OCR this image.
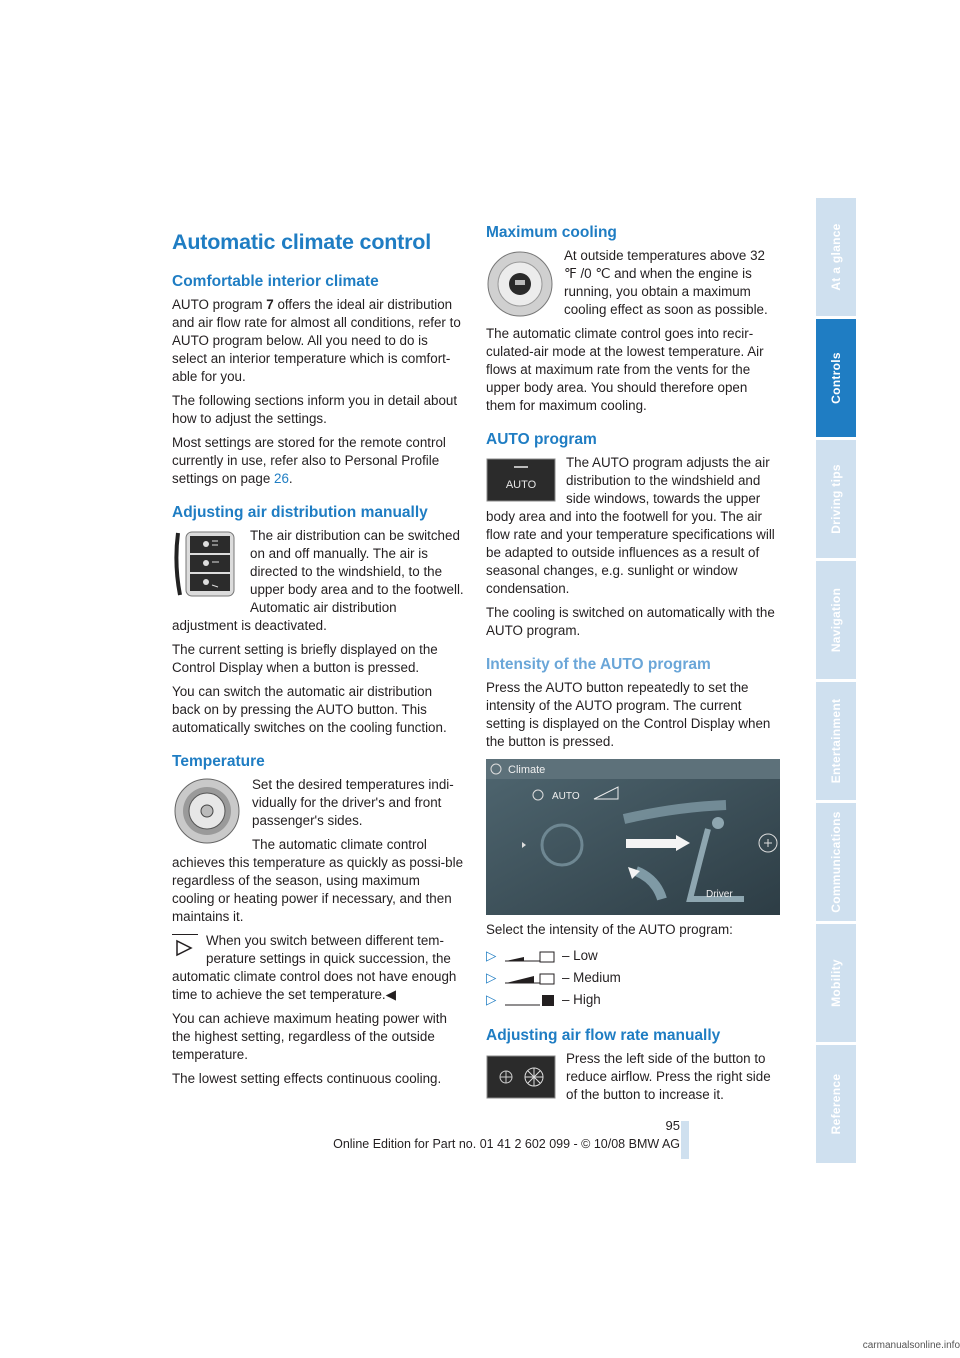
At a glance
Controls
Driving tips
Navigation
Entertainment
Communications
Mobility
Reference
Automatic climate control
Comfortable interior climate

AUTO program 7 offers the ideal air distribution and air flow rate for almost all conditions, refer to AUTO program below. All you need to do is select an interior temperature which is comfort-able for you.

The following sections inform you in detail about how to adjust the settings.

Most settings are stored for the remote control currently in use, refer also to Personal Profile settings on page 26.

Adjusting air distribution manually

The air distribution can be switched on and off manually. The air is directed to the windshield, to the upper body area and to the footwell. Automatic air distribution adjustment is deactivated.

The current setting is briefly displayed on the Control Display when a button is pressed.

You can switch the automatic air distribution back on by pressing the AUTO button. This automatically switches on the cooling function.

Temperature

Set the desired temperatures indi-vidually for the driver's and front passenger's sides.

The automatic climate control achieves this temperature as quickly as possi-ble regardless of the season, using maximum cooling or heating power if necessary, and then maintains it.

When you switch between different tem-perature settings in quick succession, the automatic climate control does not have enough time to achieve the set temperature.◀

You can achieve maximum heating power with the highest setting, regardless of the outside temperature.

The lowest setting effects continuous cooling.

Maximum cooling

At outside temperatures above 32 ℉ /0 ℃ and when the engine is running, you obtain a maximum cooling effect as soon as possible.

The automatic climate control goes into recir-culated-air mode at the lowest temperature. Air flows at maximum rate from the vents for the upper body area. You should therefore open them for maximum cooling.

AUTO program
AUTO

The AUTO program adjusts the air distribution to the windshield and side windows, towards the upper body area and into the footwell for you. The air flow rate and your temperature specifications will be adapted to outside influences as a result of seasonal changes, e.g. sunlight or window condensation.

The cooling is switched on automatically with the AUTO program.

Intensity of the AUTO program

Press the AUTO button repeatedly to set the intensity of the AUTO program. The current setting is displayed on the Control Display when the button is pressed.

Climate
AUTO
Driver

Select the intensity of the AUTO program:

▷	– Low
▷	– Medium
▷	– High
Adjusting air flow rate manually

Press the left side of the button to reduce airflow. Press the right side of the button to increase it.

95
Online Edition for Part no. 01 41 2 602 099 - © 10/08 BMW AG
carmanualsonline.info
